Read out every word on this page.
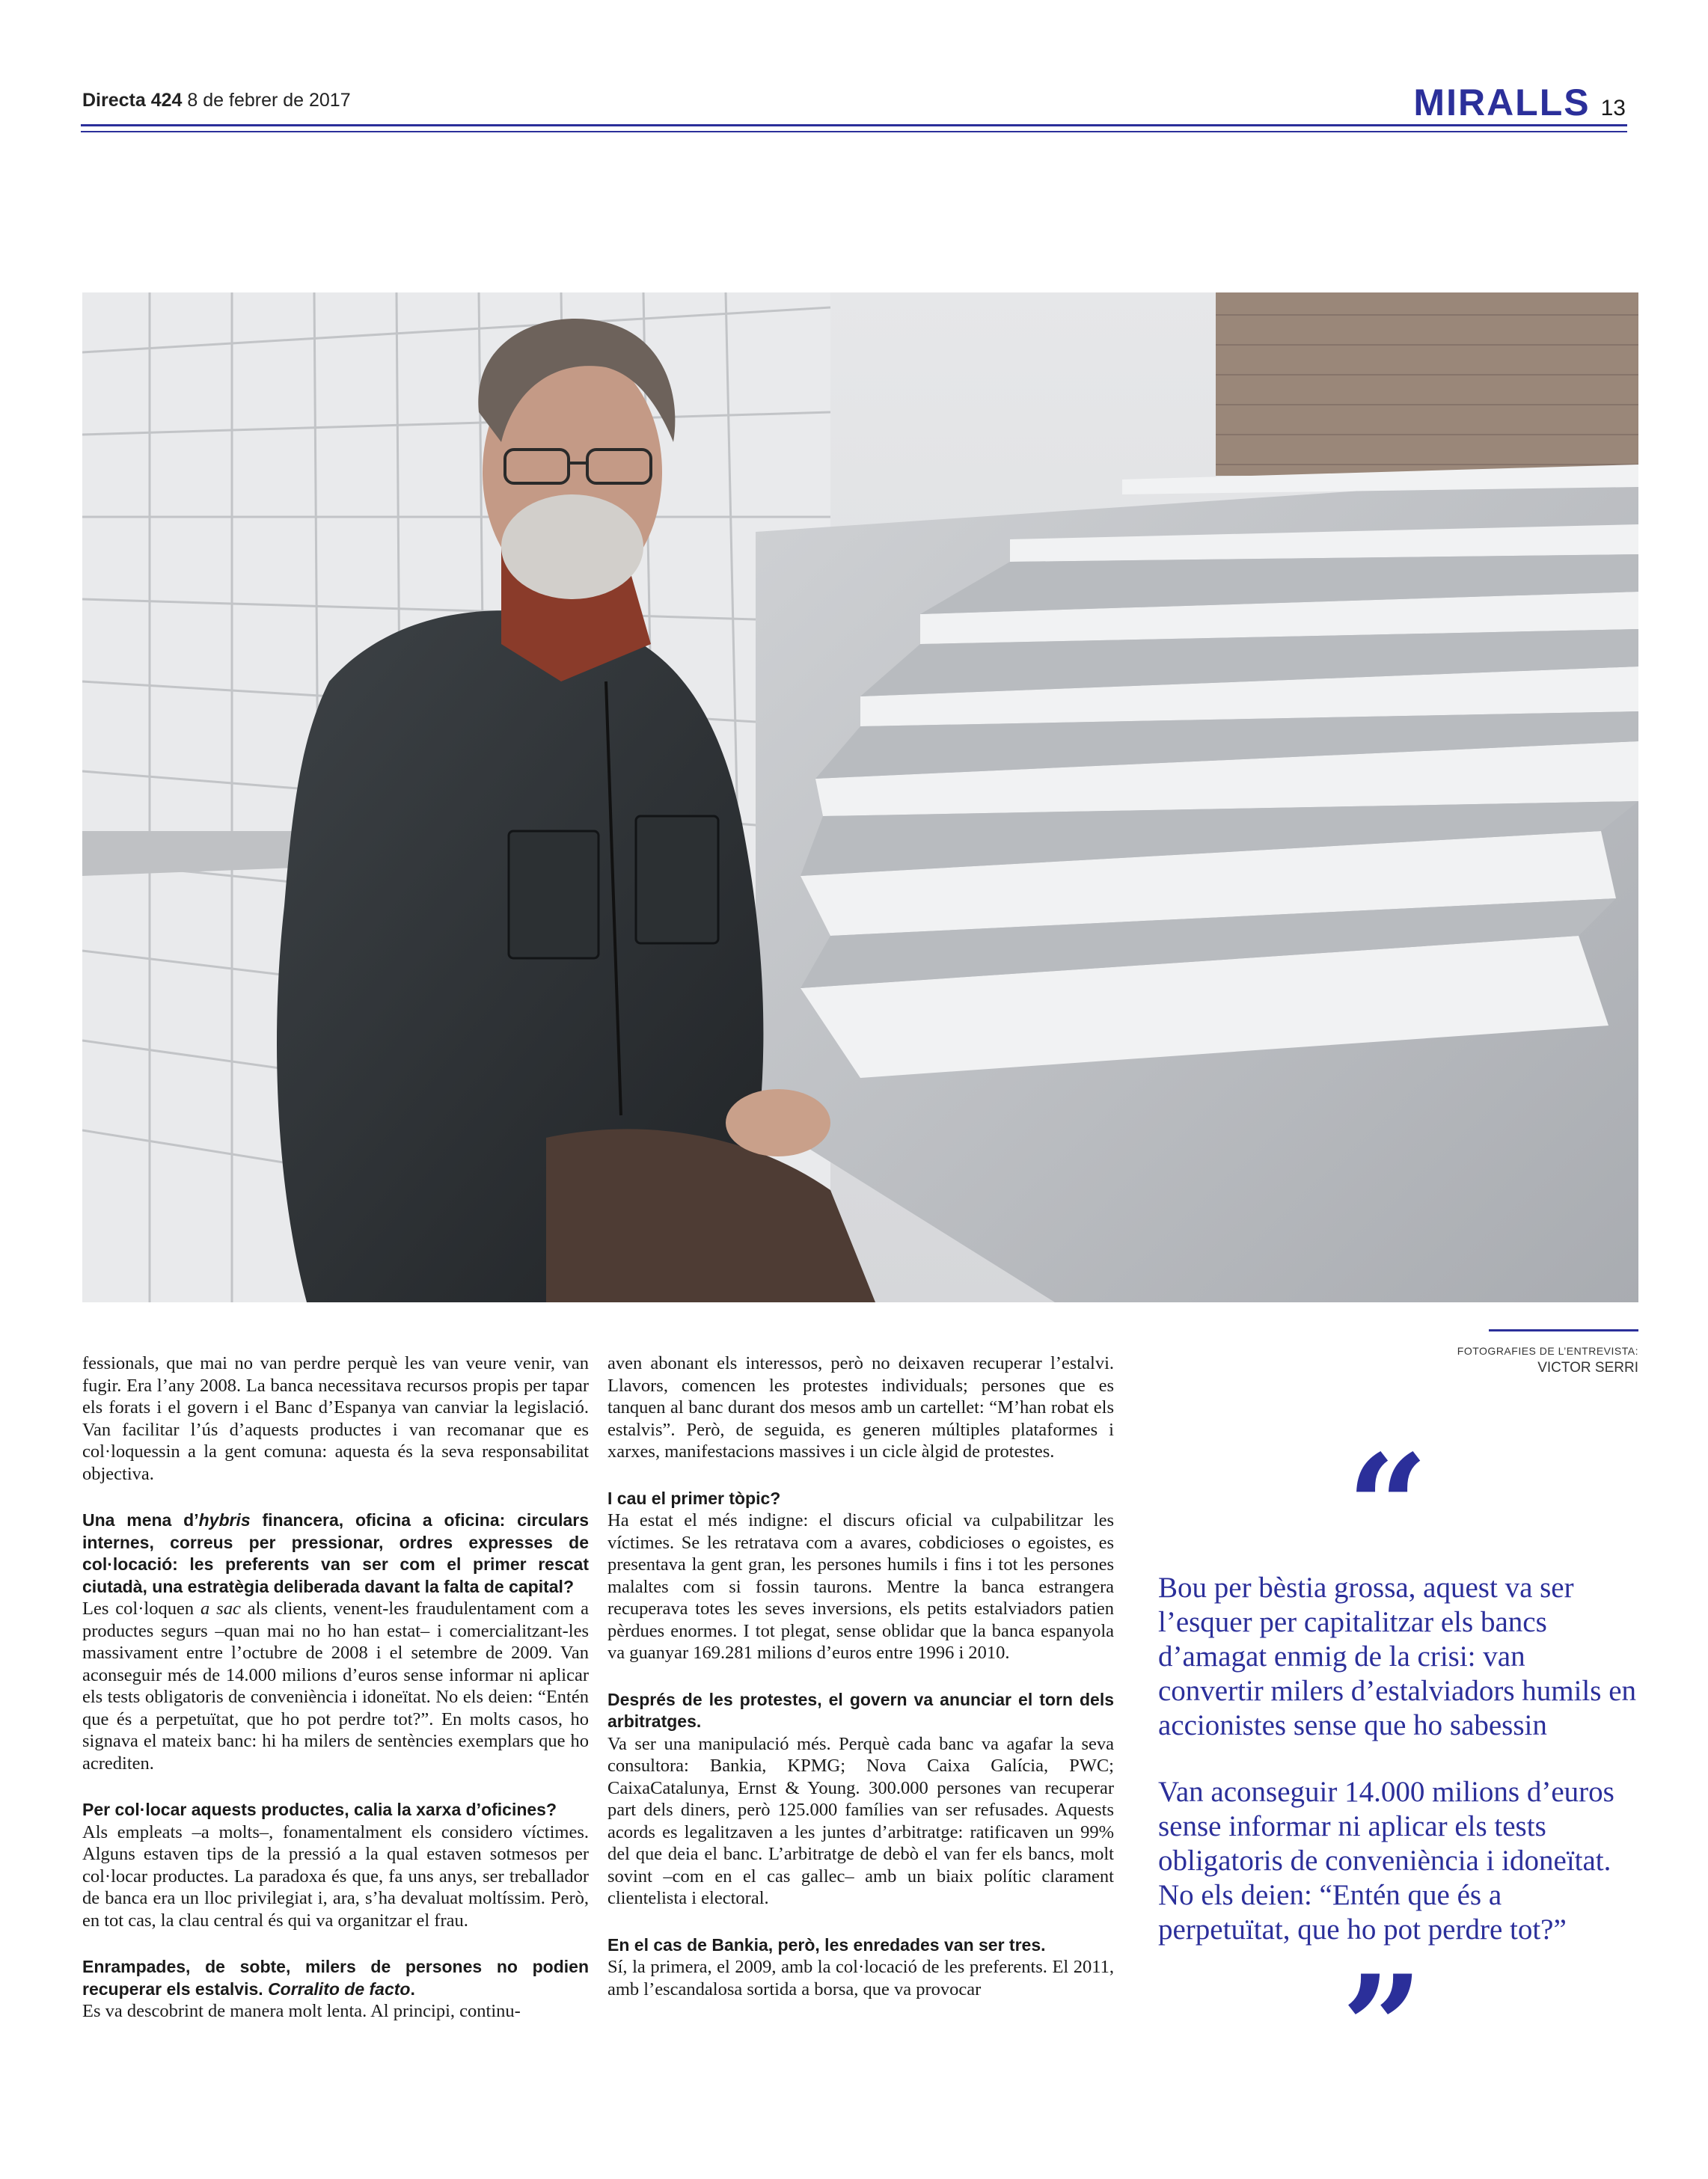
Directa 424 8 de febrer de 2017	MIRALLS 13
FOTOGRAFIES DE L’ENTREVISTA:
VICTOR SERRI

fessionals, que mai no van perdre perquè les van veure venir, van fugir. Era l’any 2008. La banca necessitava recursos propis per tapar els forats i el govern i el Banc d’Espanya van canviar la legislació. Van facilitar l’ús d’aquests productes i van recomanar que es col·loquessin a la gent comuna: aquesta és la seva responsabilitat objectiva.

Una mena d’hybris financera, oficina a oficina: circulars internes, correus per pressionar, ordres expresses de col·locació: les preferents van ser com el primer rescat ciutadà, una estratègia deliberada davant la falta de capital?

Les col·loquen a sac als clients, venent-les fraudulentament com a productes segurs –quan mai no ho han estat– i comercialitzant-les massivament entre l’octubre de 2008 i el setembre de 2009. Van aconseguir més de 14.000 milions d’euros sense informar ni aplicar els tests obligatoris de conveniència i idoneïtat. No els deien: “Entén que és a perpetuïtat, que ho pot perdre tot?”. En molts casos, ho signava el mateix banc: hi ha milers de sentències exemplars que ho acrediten.

Per col·locar aquests productes, calia la xarxa d’oficines?

Als empleats –a molts–, fonamentalment els considero víctimes. Alguns estaven tips de la pressió a la qual estaven sotmesos per col·locar productes. La paradoxa és que, fa uns anys, ser treballador de banca era un lloc privilegiat i, ara, s’ha devaluat moltíssim. Però, en tot cas, la clau central és qui va organitzar el frau.

Enrampades, de sobte, milers de persones no podien recuperar els estalvis. Corralito de facto.

Es va descobrint de manera molt lenta. Al principi, continu-

aven abonant els interessos, però no deixaven recuperar l’estalvi. Llavors, comencen les protestes individuals; persones que es tanquen al banc durant dos mesos amb un cartellet: “M’han robat els estalvis”. Però, de seguida, es generen múltiples plataformes i xarxes, manifestacions massives i un cicle àlgid de protestes.

I cau el primer tòpic?

Ha estat el més indigne: el discurs oficial va culpabilitzar les víctimes. Se les retratava com a avares, cobdicioses o egoistes, es presentava la gent gran, les persones humils i fins i tot les persones malaltes com si fossin taurons. Mentre la banca estrangera recuperava totes les seves inversions, els petits estalviadors patien pèrdues enormes. I tot plegat, sense oblidar que la banca espanyola va guanyar 169.281 milions d’euros entre 1996 i 2010.

Després de les protestes, el govern va anunciar el torn dels arbitratges.

Va ser una manipulació més. Perquè cada banc va agafar la seva consultora: Bankia, KPMG; Nova Caixa Galícia, PWC; CaixaCatalunya, Ernst & Young. 300.000 persones van recuperar part dels diners, però 125.000 famílies van ser refusades. Aquests acords es legalitzaven a les juntes d’arbitratge: ratificaven un 99% del que deia el banc. L’arbitratge de debò el van fer els bancs, molt sovint –com en el cas gallec– amb un biaix polític clarament clientelista i electoral.

En el cas de Bankia, però, les enredades van ser tres.

Sí, la primera, el 2009, amb la col·locació de les preferents. El 2011, amb l’escandalosa sortida a borsa, que va provocar

“
Bou per bèstia grossa, aquest va ser l’esquer per capitalitzar els bancs d’amagat enmig de la crisi: van convertir milers d’estalviadors humils en accionistes sense que ho sabessin
Van aconseguir 14.000 milions d’euros sense informar ni aplicar els tests obligatoris de conveniència i idoneïtat. No els deien: “Entén que és a perpetuïtat, que ho pot perdre tot?”
”
